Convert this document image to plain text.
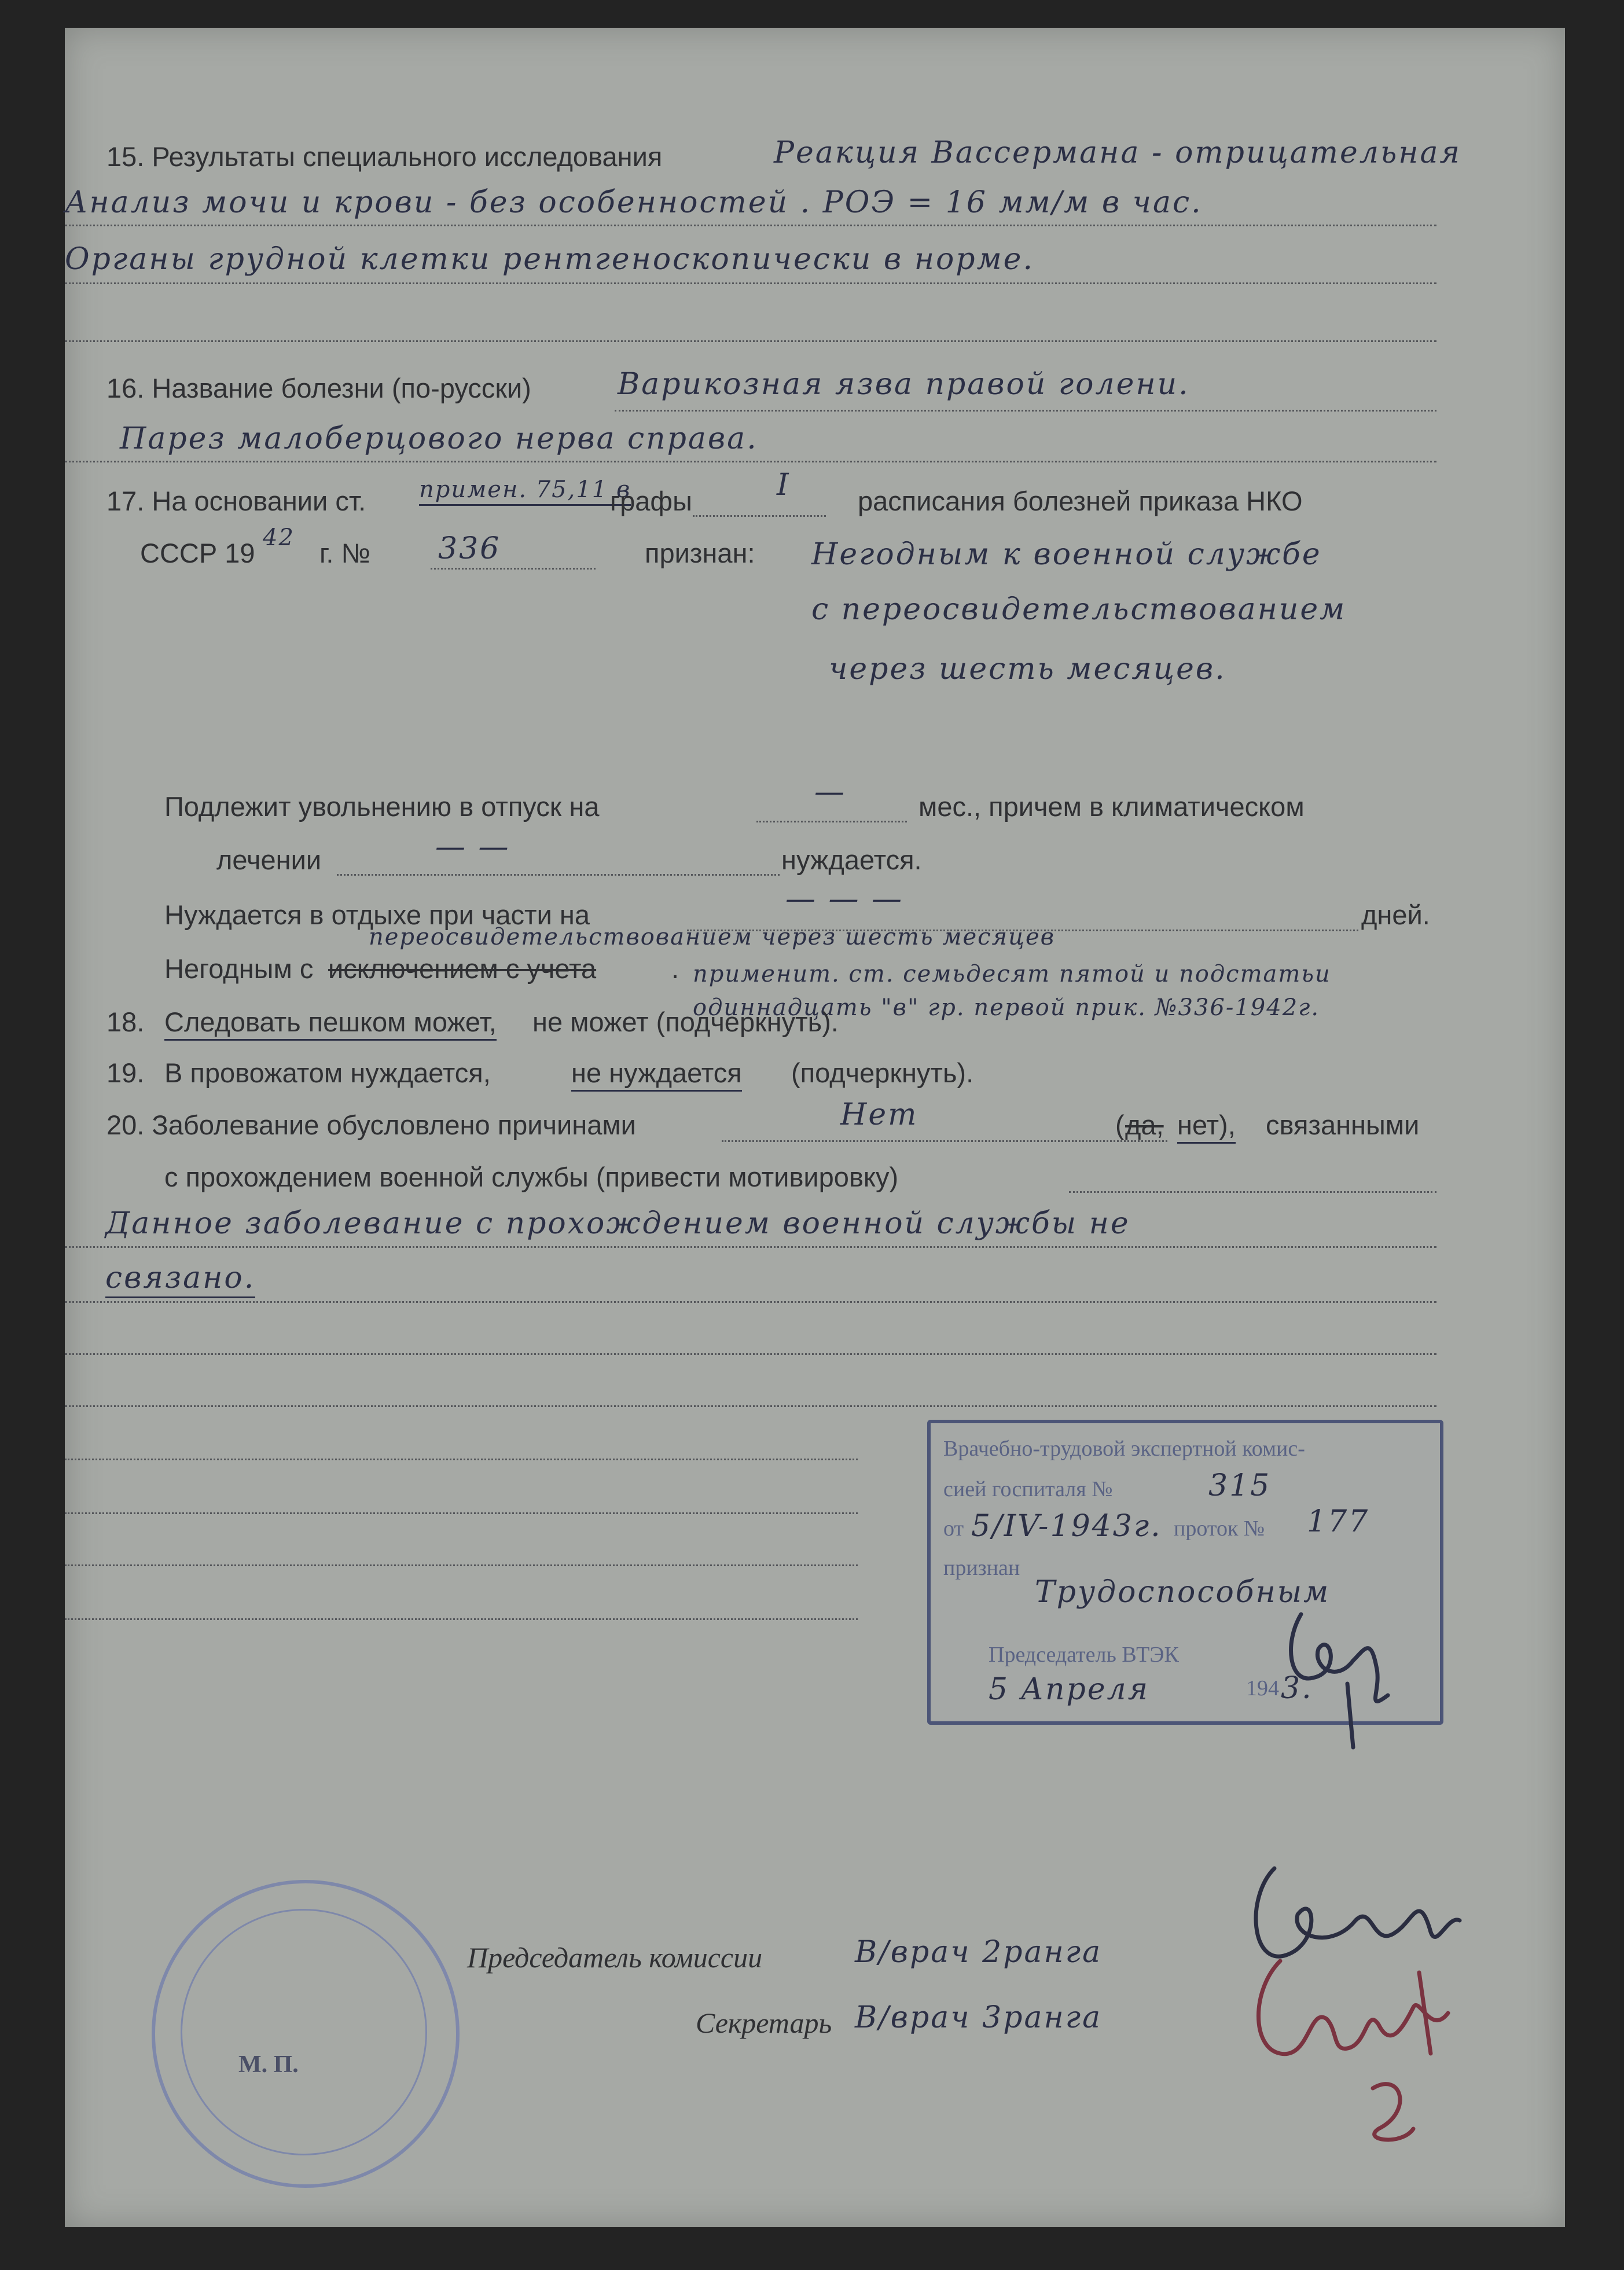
15. Результаты специального исследования	Реакция Вассермана - отрицательная
Анализ мочи и крови - без особенностей . РОЭ = 16 мм/м в час.
Органы грудной клетки рентгеноскопически в норме.
16. Название болезни (по-русски)	Варикозная язва правой голени.
Парез малоберцового нерва справа.
17. На основании ст. примен. 75,11 в
графы	I расписания болезней приказа НКО
СССР 19 42 г. № 336	признан: Негодным к военной службе
с переосвидетельствованием
через шесть месяцев.
Подлежит увольнению в отпуск на	—	мес., причем в климатическом
лечении	— —	нуждается.
Нуждается в отдыхе при части на	— — —	дней.
переосвидетельствованием через шесть месяцев
Негодным с исключением с учета	. применит. ст. семьдесят пятой и подстатьи
одиннадцать "в" гр. первой прик. №336-1942г.
18. Следовать пешком может, не может (подчеркнуть).
19. В провожатом нуждается,	не нуждается (подчеркнуть).
20. Заболевание обусловлено причинами	Нет	( да, нет), связанными
с прохождением военной службы (привести мотивировку)
Данное заболевание с прохождением военной службы не
связано.
Врачебно-трудовой экспертной комис-
сией госпиталя №	315
от 5/IV-1943г. проток № 177
признан
Трудоспособным
Председатель ВТЭК
5 Апреля	194 3.
М. П.
Председатель комиссии	В/врач 2ранга
Секретарь В/врач 3ранга
